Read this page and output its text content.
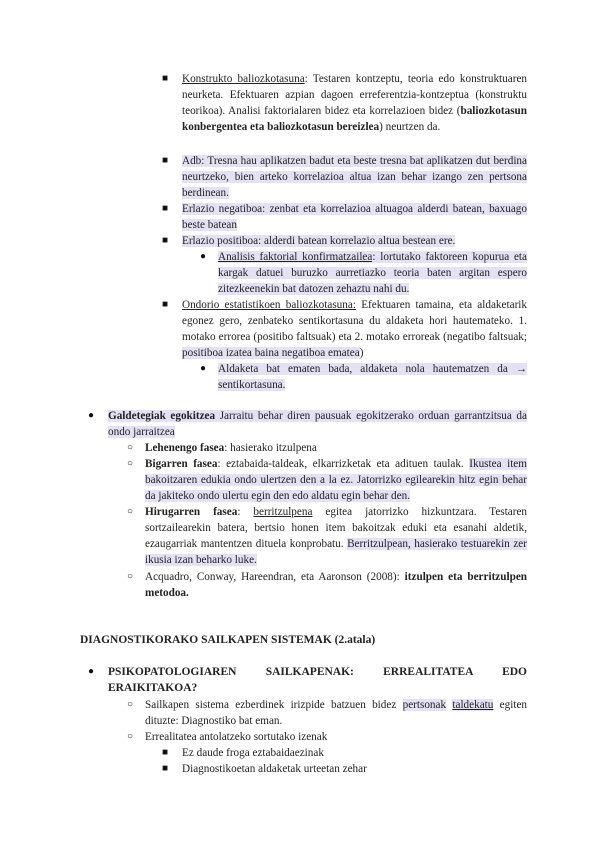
■ Konstrukto baliozkotasuna: Testaren kontzeptu, teoria edo konstruktuaren neurketa. Efektuaren azpian dagoen erreferentzia-kontzeptua (konstruktu teorikoa). Analisi faktorialaren bidez eta korrelazioen bidez (baliozkotasun konbergentea eta baliozkotasun bereizlea) neurtzen da.
■ Adb: Tresna hau aplikatzen badut eta beste tresna bat aplikatzen dut berdina neurtzeko, bien arteko korrelazioa altua izan behar izango zen pertsona berdinean.
■ Erlazio negatiboa: zenbat eta korrelazioa altuagoa alderdi batean, baxuago beste batean
■ Erlazio positiboa: alderdi batean korrelazio altua bestean ere.
● Analisis faktorial konfirmatzailea: lortutako faktoreen kopurua eta kargak datuei buruzko aurretiazko teoria baten argitan espero zitezkeenekin bat datozen zehaztu nahi du.
■ Ondorio estatistikoen baliozkotasuna: Efektuaren tamaina, eta aldaketarik egonez gero, zenbateko sentikortasuna du aldaketa hori hautemateko. 1. motako errorea (positibo faltsuak) eta 2. motako erroreak (negatibo faltsuak; positiboa izatea baina negatiboa ematea)
● Aldaketa bat ematen bada, aldaketa nola hautematzen da → sentikortasuna.
● Galdetegiak egokitzea Jarraitu behar diren pausuak egokitzerako orduan garrantzitsua da ondo jarraitzea
○ Lehenengo fasea: hasierako itzulpena
○ Bigarren fasea: eztabaida-taldeak, elkarrizketak eta adituen taulak. Ikustea item bakoitzaren edukia ondo ulertzen den a la ez. Jatorrizko egilearekin hitz egin behar da jakiteko ondo ulertu egin den edo aldatu egin behar den.
○ Hirugarren fasea: berritzulpena egitea jatorrizko hizkuntzara. Testaren sortzailearekin batera, bertsio honen item bakoitzak eduki eta esanahi aldetik, ezaugarriak mantentzen dituela konprobatu. Berritzulpean, hasierako testuarekin zer ikusia izan beharko luke.
○ Acquadro, Conway, Hareendran, eta Aaronson (2008): itzulpen eta berritzulpen metodoa.
DIAGNOSTIKORAKO SAILKAPEN SISTEMAK (2.atala)
● PSIKOPATOLOGIAREN SAILKAPENAK: ERREALITATEA EDO ERAIKITAKOA?
○ Sailkapen sistema ezberdinek irizpide batzuen bidez pertsonak taldekatu egiten dituzte: Diagnostiko bat eman.
○ Errealitatea antolatzeko sortutako izenak
■ Ez daude froga eztabaidaezinak
■ Diagnostikoetan aldaketak urteetan zehar
